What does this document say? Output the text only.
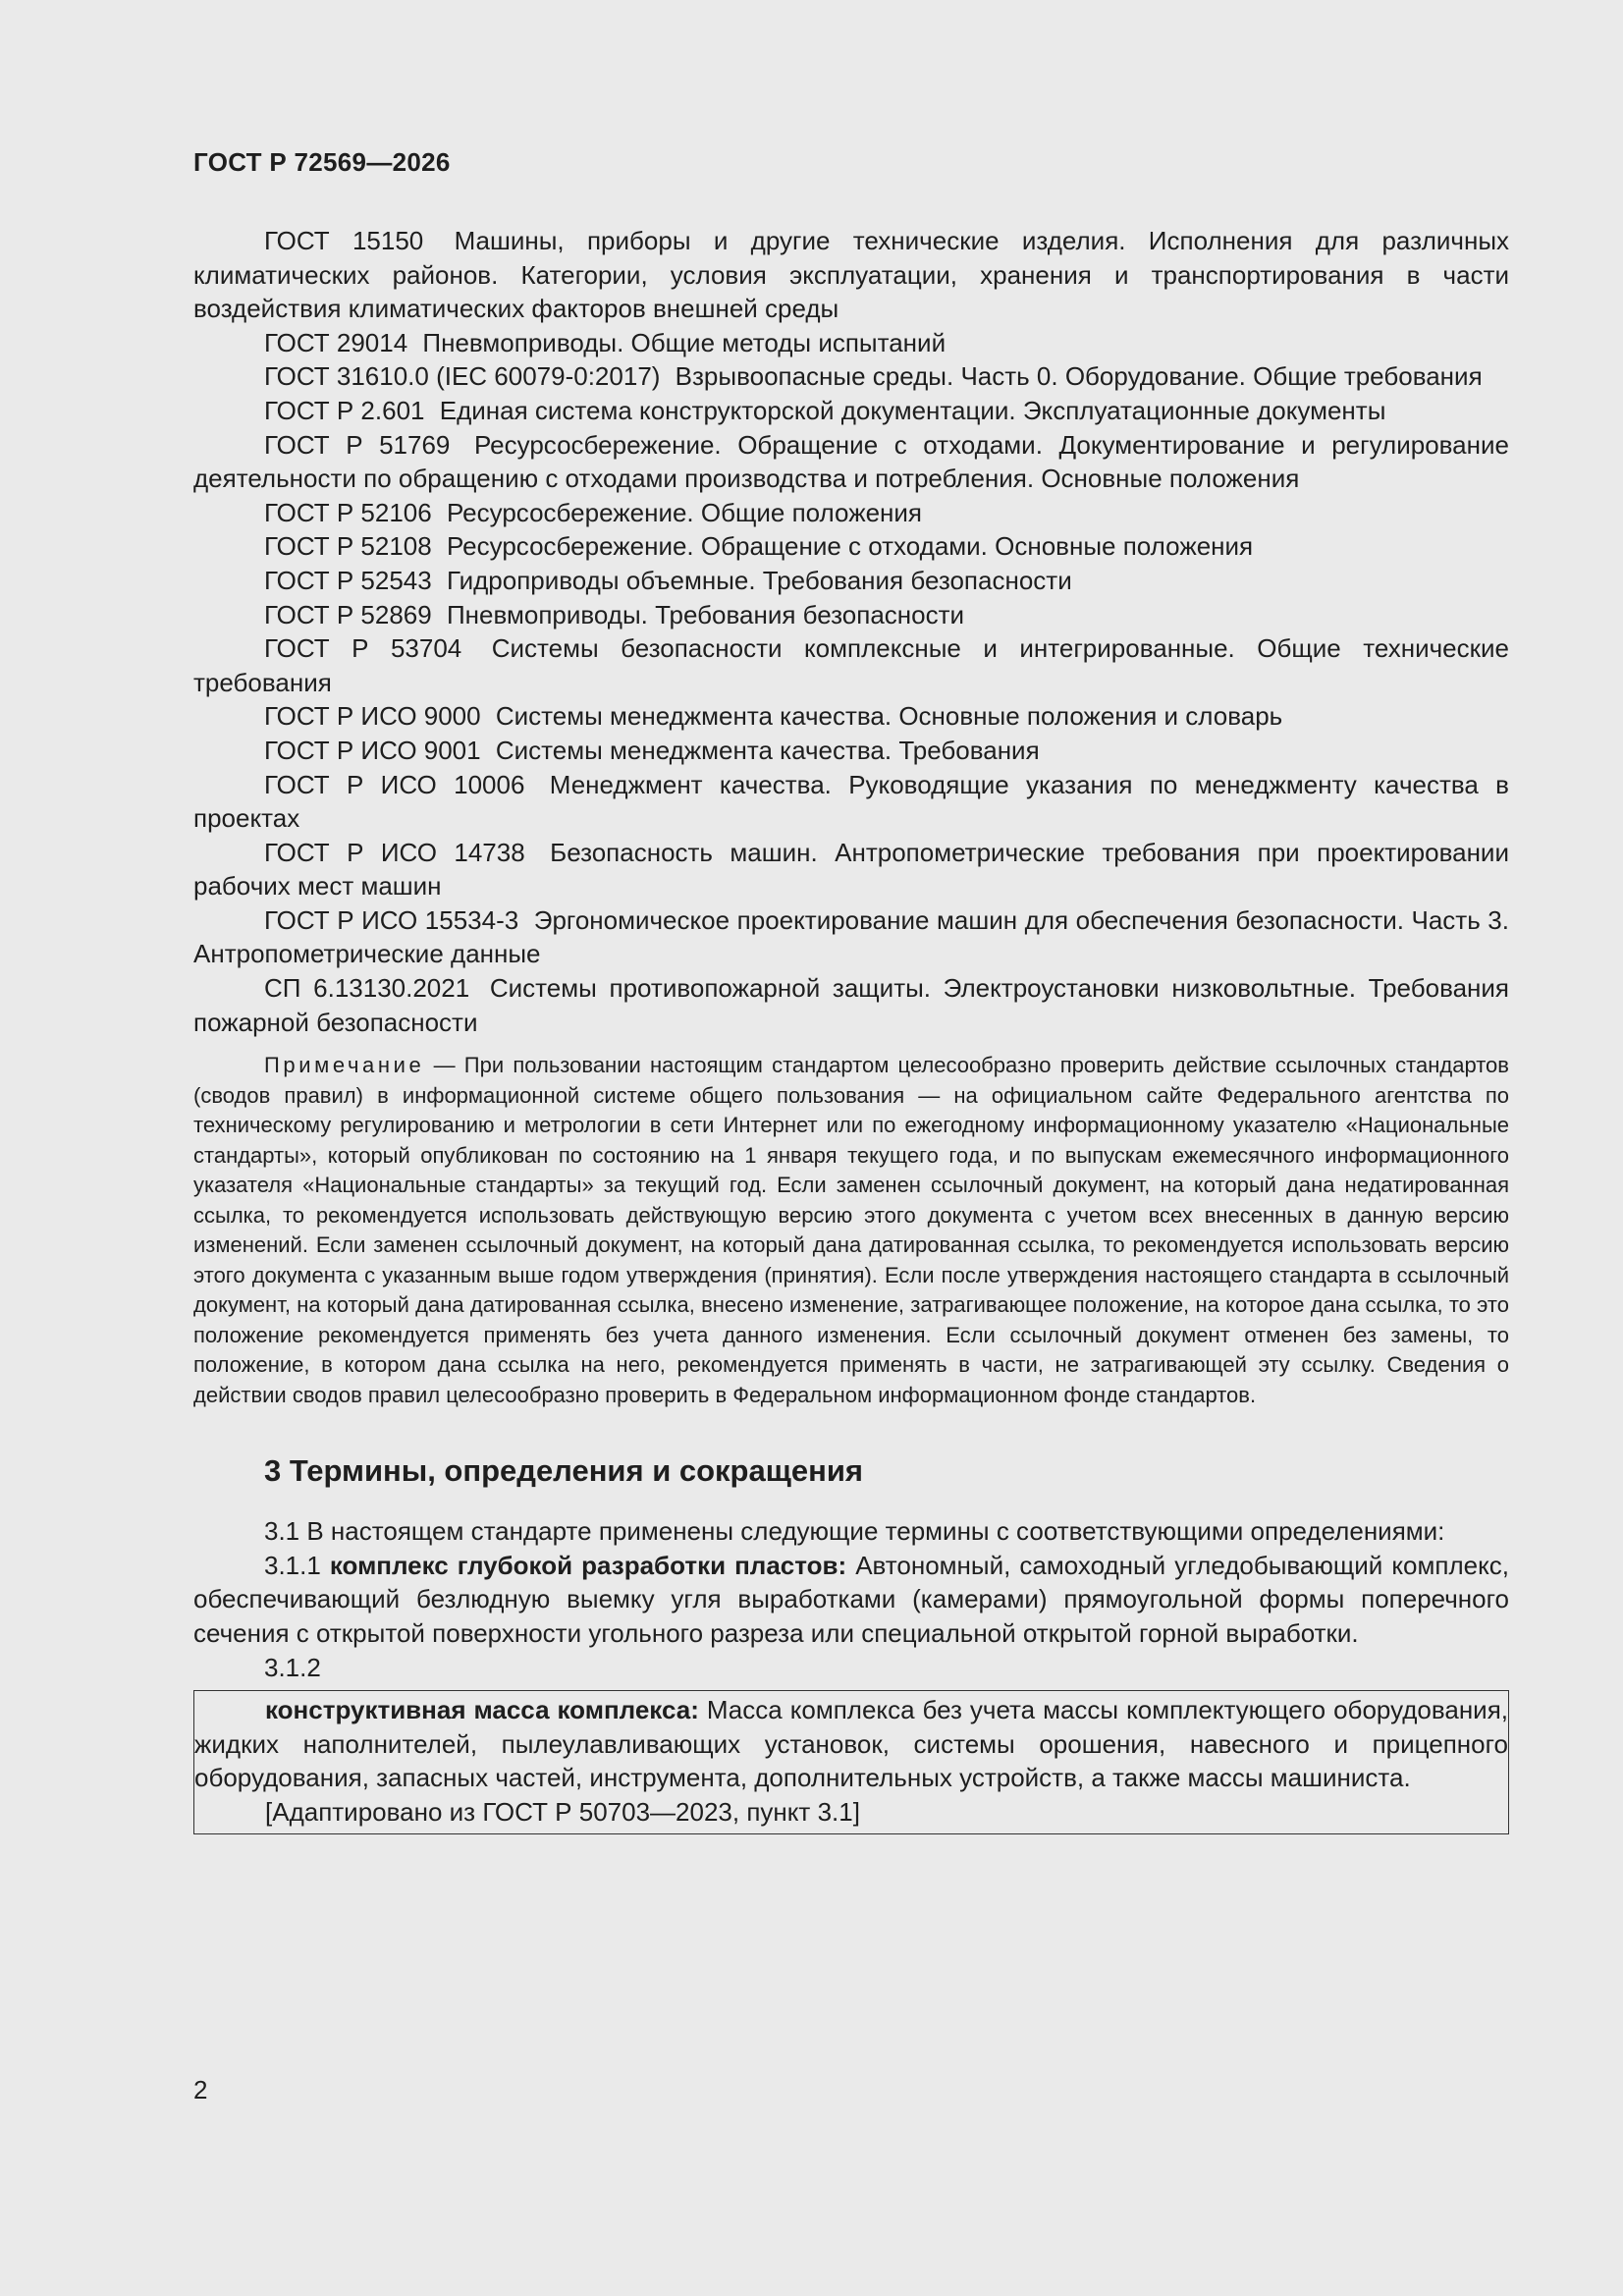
ГОСТ Р 72569—2026

ГОСТ 15150 Машины, приборы и другие технические изделия. Исполнения для различных климатических районов. Категории, условия эксплуатации, хранения и транспортирования в части воздействия климатических факторов внешней среды

ГОСТ 29014 Пневмоприводы. Общие методы испытаний

ГОСТ 31610.0 (IEC 60079-0:2017) Взрывоопасные среды. Часть 0. Оборудование. Общие требования

ГОСТ Р 2.601 Единая система конструкторской документации. Эксплуатационные документы

ГОСТ Р 51769 Ресурсосбережение. Обращение с отходами. Документирование и регулирование деятельности по обращению с отходами производства и потребления. Основные положения

ГОСТ Р 52106 Ресурсосбережение. Общие положения

ГОСТ Р 52108 Ресурсосбережение. Обращение с отходами. Основные положения

ГОСТ Р 52543 Гидроприводы объемные. Требования безопасности

ГОСТ Р 52869 Пневмоприводы. Требования безопасности

ГОСТ Р 53704 Системы безопасности комплексные и интегрированные. Общие технические требования

ГОСТ Р ИСО 9000 Системы менеджмента качества. Основные положения и словарь

ГОСТ Р ИСО 9001 Системы менеджмента качества. Требования

ГОСТ Р ИСО 10006 Менеджмент качества. Руководящие указания по менеджменту качества в проектах

ГОСТ Р ИСО 14738 Безопасность машин. Антропометрические требования при проектировании рабочих мест машин

ГОСТ Р ИСО 15534-3 Эргономическое проектирование машин для обеспечения безопасности. Часть 3. Антропометрические данные

СП 6.13130.2021 Системы противопожарной защиты. Электроустановки низковольтные. Требования пожарной безопасности

Примечание — При пользовании настоящим стандартом целесообразно проверить действие ссылочных стандартов (сводов правил) в информационной системе общего пользования — на официальном сайте Федерального агентства по техническому регулированию и метрологии в сети Интернет или по ежегодному информационному указателю «Национальные стандарты», который опубликован по состоянию на 1 января текущего года, и по выпускам ежемесячного информационного указателя «Национальные стандарты» за текущий год. Если заменен ссылочный документ, на который дана недатированная ссылка, то рекомендуется использовать действующую версию этого документа с учетом всех внесенных в данную версию изменений. Если заменен ссылочный документ, на который дана датированная ссылка, то рекомендуется использовать версию этого документа с указанным выше годом утверждения (принятия). Если после утверждения настоящего стандарта в ссылочный документ, на который дана датированная ссылка, внесено изменение, затрагивающее положение, на которое дана ссылка, то это положение рекомендуется применять без учета данного изменения. Если ссылочный документ отменен без замены, то положение, в котором дана ссылка на него, рекомендуется применять в части, не затрагивающей эту ссылку. Сведения о действии сводов правил целесообразно проверить в Федеральном информационном фонде стандартов.
3 Термины, определения и сокращения

3.1 В настоящем стандарте применены следующие термины с соответствующими определениями:

3.1.1 комплекс глубокой разработки пластов: Автономный, самоходный угледобывающий комплекс, обеспечивающий безлюдную выемку угля выработками (камерами) прямоугольной формы поперечного сечения с открытой поверхности угольного разреза или специальной открытой горной выработки.

3.1.2

конструктивная масса комплекса: Масса комплекса без учета массы комплектующего оборудования, жидких наполнителей, пылеулавливающих установок, системы орошения, навесного и прицепного оборудования, запасных частей, инструмента, дополнительных устройств, а также массы машиниста.

[Адаптировано из ГОСТ Р 50703—2023, пункт 3.1]

2
